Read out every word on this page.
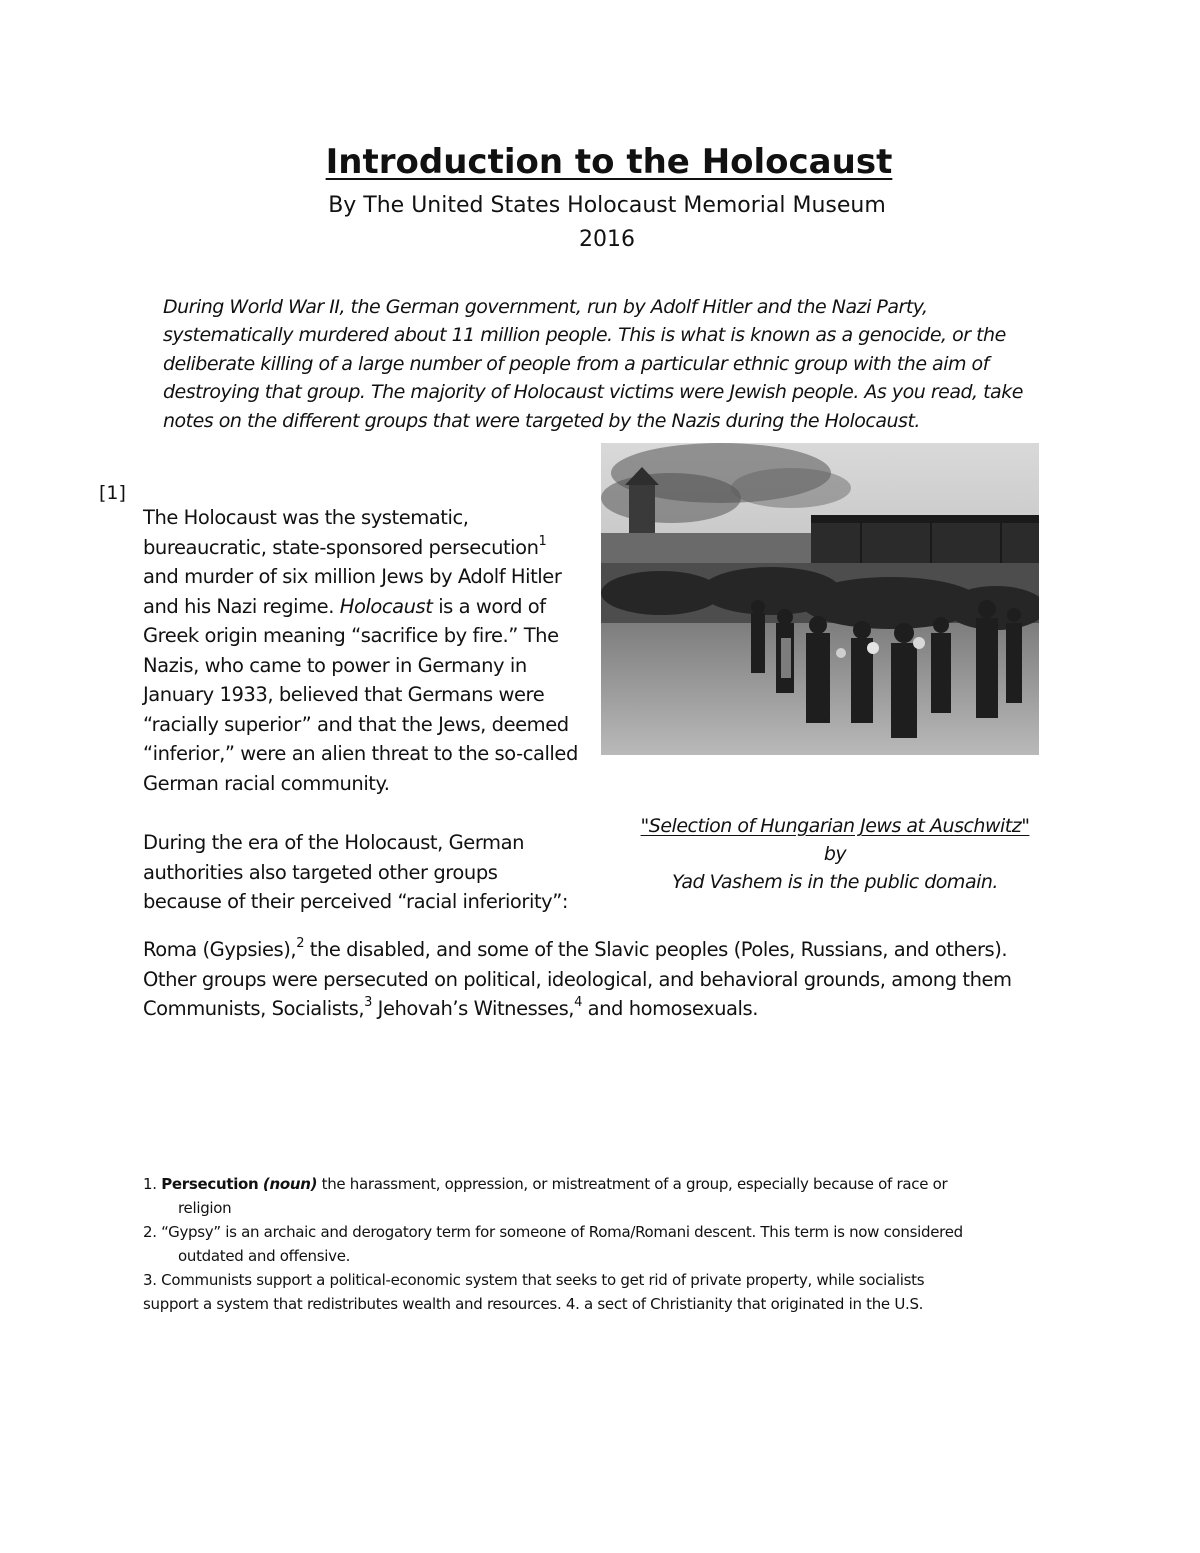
Introduction to the Holocaust
By The United States Holocaust Memorial Museum
2016
During World War II, the German government, run by Adolf Hitler and the Nazi Party,
systematically murdered about 11 million people. This is what is known as a genocide, or the
deliberate killing of a large number of people from a particular ethnic group with the aim of
destroying that group. The majority of Holocaust victims were Jewish people. As you read, take
notes on the different groups that were targeted by the Nazis during the Holocaust.
[1]
The Holocaust was the systematic,
bureaucratic, state-sponsored persecution$^1$
and murder of six million Jews by Adolf Hitler
and his Nazi regime. Holocaust is a word of
Greek origin meaning “sacrifice by fire.” The
Nazis, who came to power in Germany in
January 1933, believed that Germans were
“racially superior” and that the Jews, deemed
“inferior,” were an alien threat to the so-called
German racial community.
During the era of the Holocaust, German
authorities also targeted other groups
because of their perceived “racial inferiority”:
"Selection of Hungarian Jews at Auschwitz"
by
Yad Vashem is in the public domain.
Roma (Gypsies),$^2$ the disabled, and some of the Slavic peoples (Poles, Russians, and others).
Other groups were persecuted on political, ideological, and behavioral grounds, among them
Communists, Socialists,$^3$ Jehovah’s Witnesses,$^4$ and homosexuals.
1. Persecution (noun) the harassment, oppression, or mistreatment of a group, especially because of race or
religion
2. “Gypsy” is an archaic and derogatory term for someone of Roma/Romani descent. This term is now considered
outdated and offensive.
3. Communists support a political-economic system that seeks to get rid of private property, while socialists
support a system that redistributes wealth and resources. 4. a sect of Christianity that originated in the U.S.
